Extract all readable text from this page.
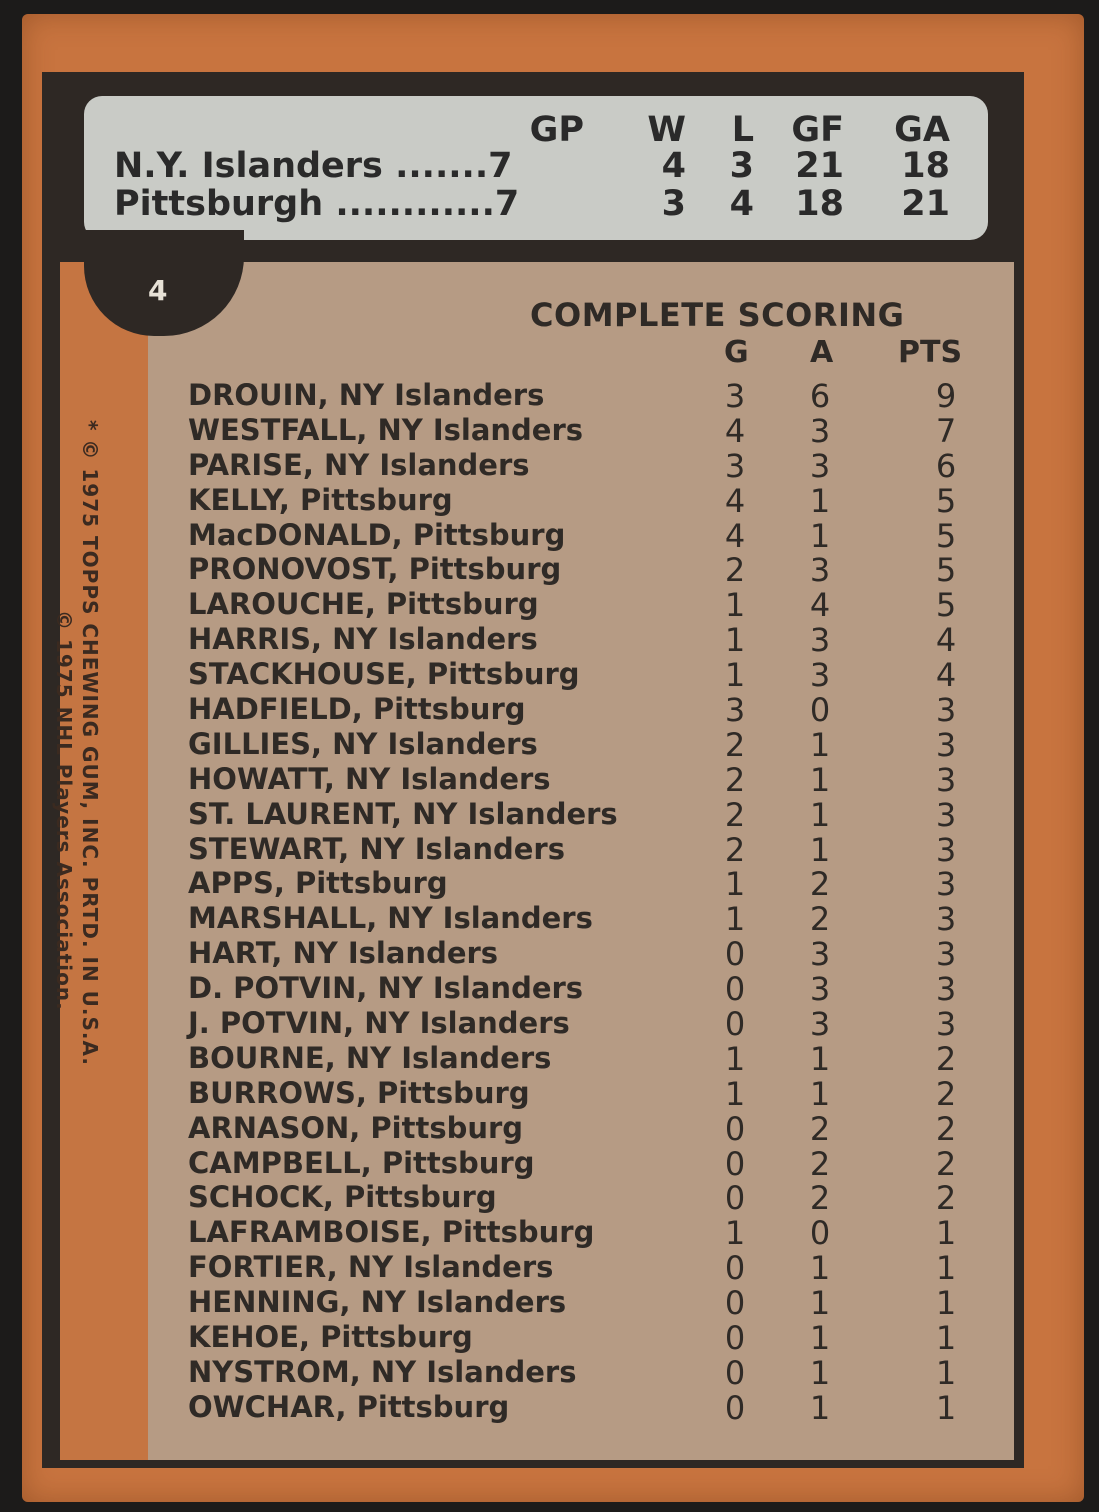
GP	W	L	GF	GA
N.Y. Islanders .......7	4	3	21	18
Pittsburgh ............7	3	4	18	21
4
COMPLETE SCORING
G A PTS
DROUIN, NY Islanders	3	6	9
WESTFALL, NY Islanders	4	3	7
PARISE, NY Islanders	3	3	6
KELLY, Pittsburg	4	1	5
MacDONALD, Pittsburg	4	1	5
PRONOVOST, Pittsburg	2	3	5
LAROUCHE, Pittsburg	1	4	5
HARRIS, NY Islanders	1	3	4
STACKHOUSE, Pittsburg	1	3	4
HADFIELD, Pittsburg	3	0	3
GILLIES, NY Islanders	2	1	3
HOWATT, NY Islanders	2	1	3
ST. LAURENT, NY Islanders	2	1	3
STEWART, NY Islanders	2	1	3
APPS, Pittsburg	1	2	3
MARSHALL, NY Islanders	1	2	3
HART, NY Islanders	0	3	3
D. POTVIN, NY Islanders	0	3	3
J. POTVIN, NY Islanders	0	3	3
BOURNE, NY Islanders	1	1	2
BURROWS, Pittsburg	1	1	2
ARNASON, Pittsburg	0	2	2
CAMPBELL, Pittsburg	0	2	2
SCHOCK, Pittsburg	0	2	2
LAFRAMBOISE, Pittsburg	1	0	1
FORTIER, NY Islanders	0	1	1
HENNING, NY Islanders	0	1	1
KEHOE, Pittsburg	0	1	1
NYSTROM, NY Islanders	0	1	1
OWCHAR, Pittsburg	0	1	1
* © 1975 TOPPS CHEWING GUM, INC. PRTD. IN U.S.A.
© 1975 NHL Players Association.
